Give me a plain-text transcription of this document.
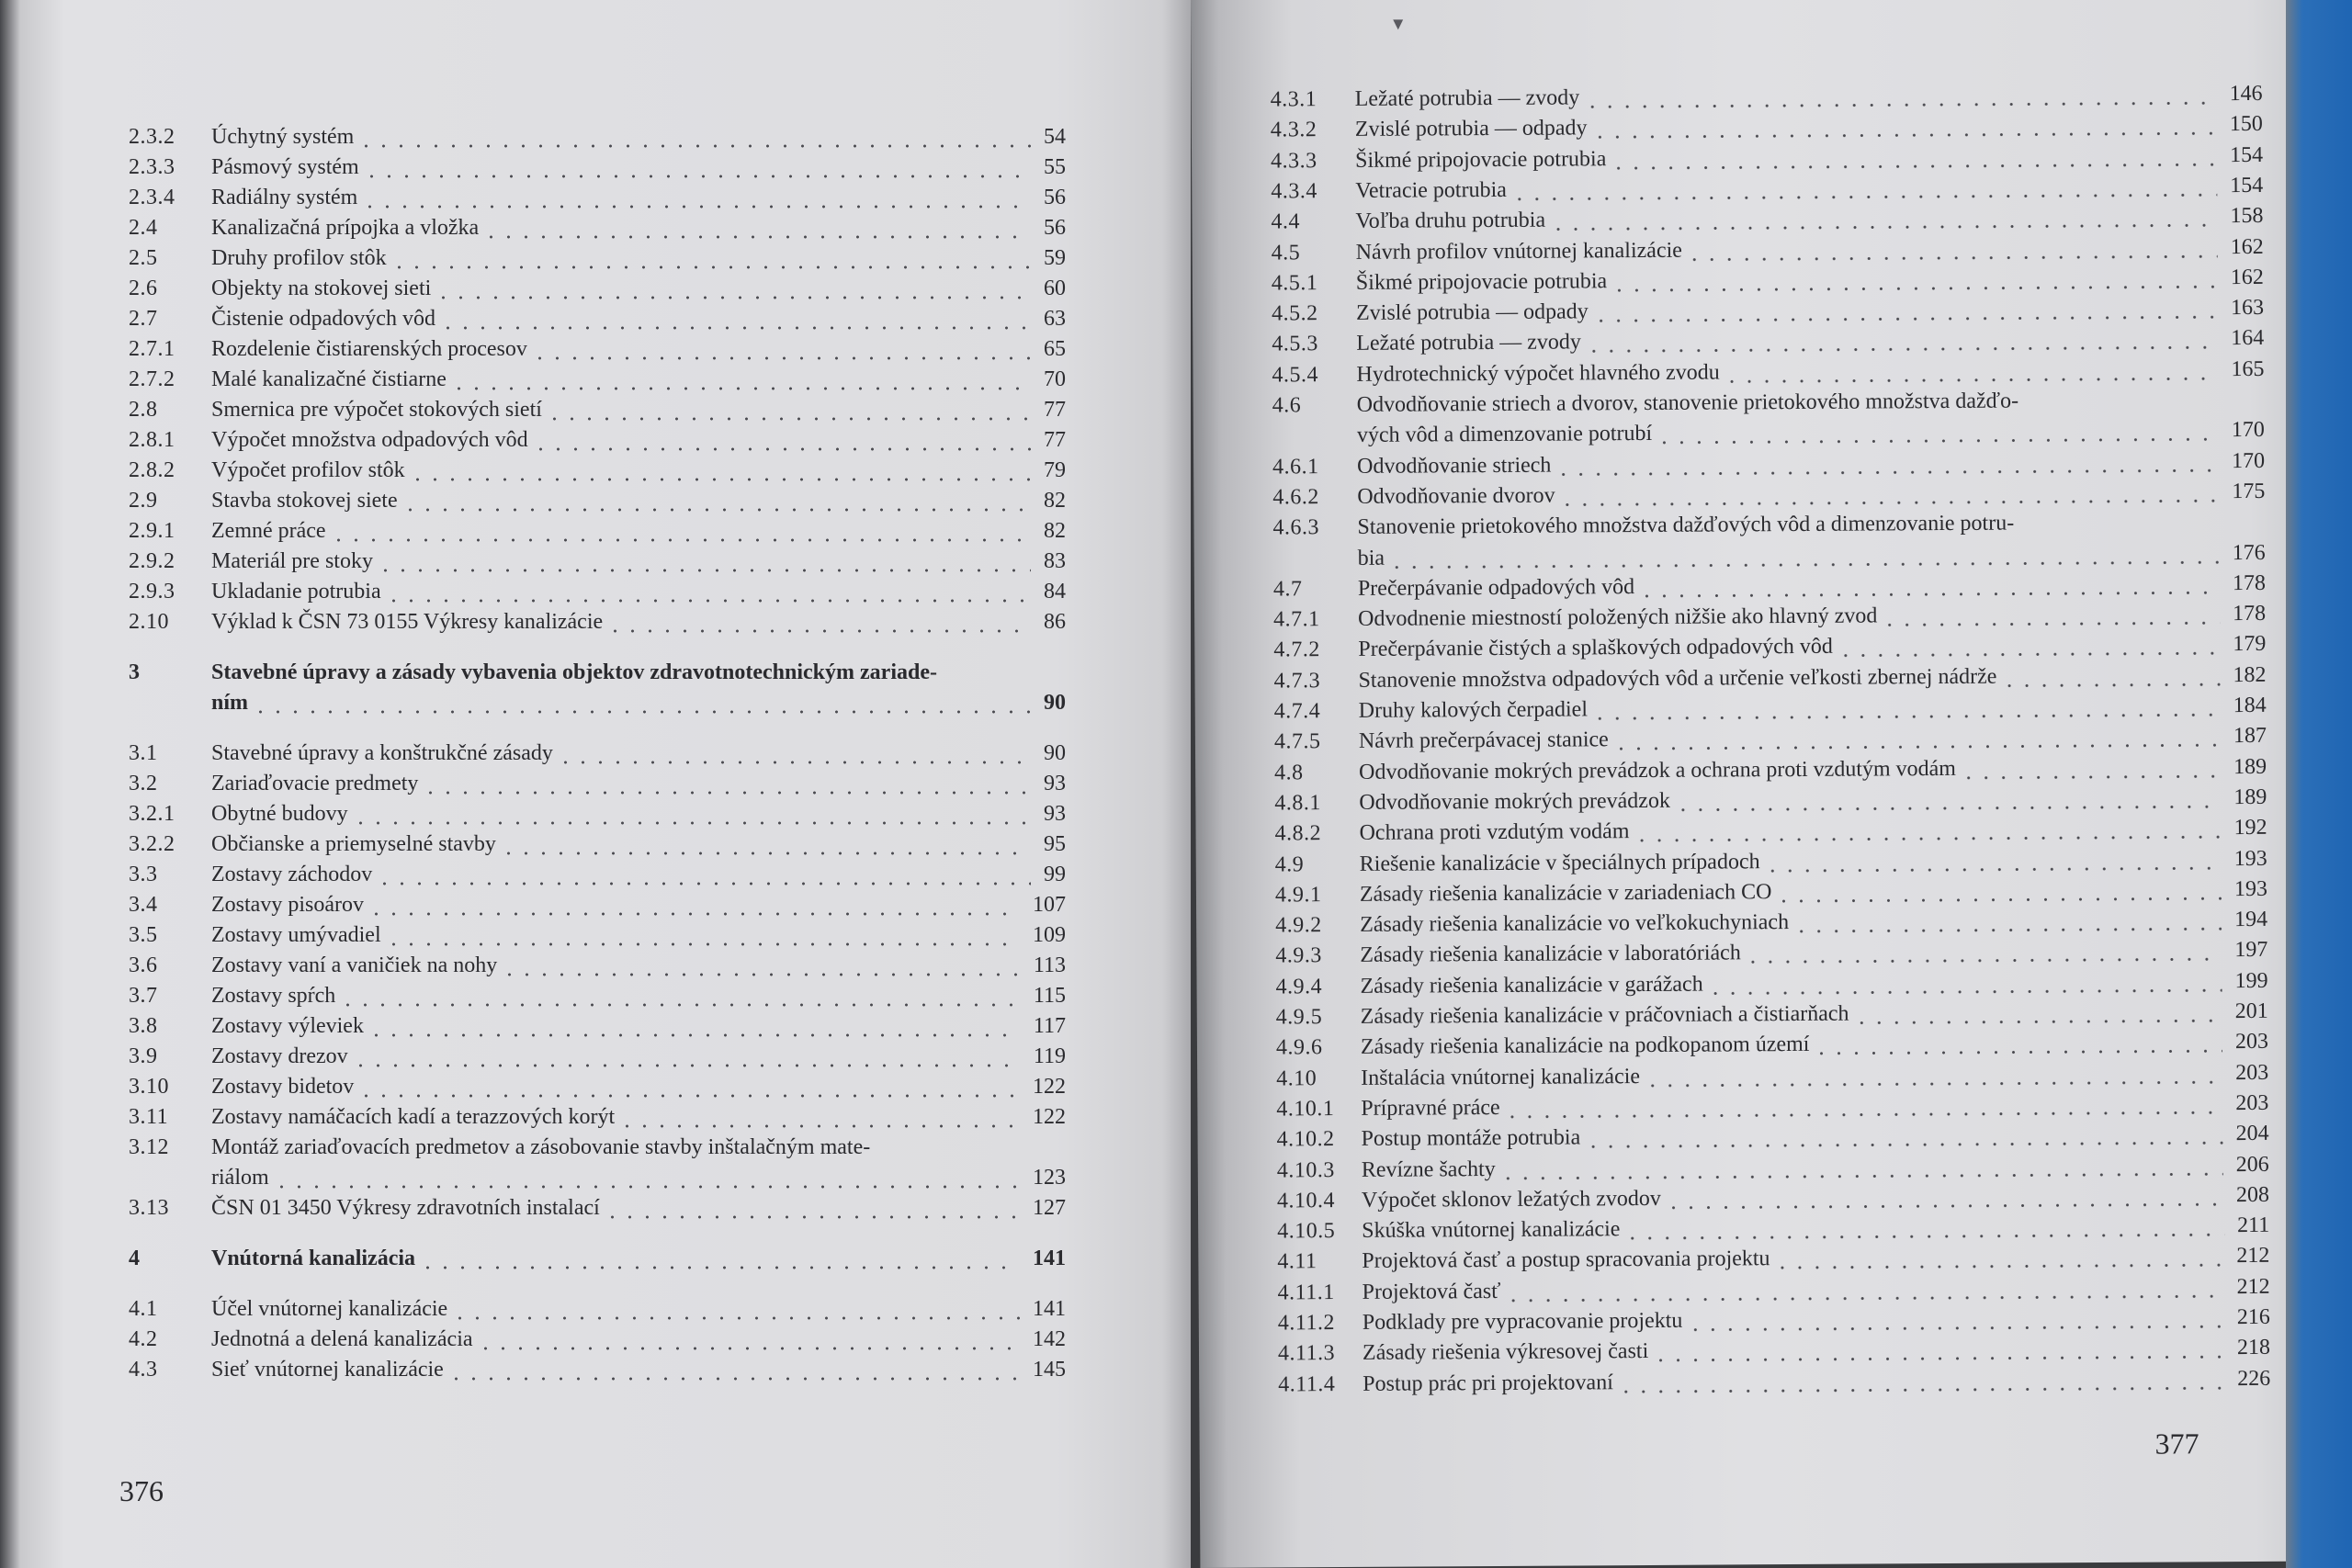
2.3.2	Úchytný systém	54
2.3.3	Pásmový systém	55
2.3.4	Radiálny systém	56
2.4	Kanalizačná prípojka a vložka	56
2.5	Druhy profilov stôk	59
2.6	Objekty na stokovej sieti	60
2.7	Čistenie odpadových vôd	63
2.7.1	Rozdelenie čistiarenských procesov	65
2.7.2	Malé kanalizačné čistiarne	70
2.8	Smernica pre výpočet stokových sietí	77
2.8.1	Výpočet množstva odpadových vôd	77
2.8.2	Výpočet profilov stôk	79
2.9	Stavba stokovej siete	82
2.9.1	Zemné práce	82
2.9.2	Materiál pre stoky	83
2.9.3	Ukladanie potrubia	84
2.10	Výklad k ČSN 73 0155 Výkresy kanalizácie	86
3	Stavebné úpravy a zásady vybavenia objektov zdravotnotechnickým zariade-
ním	90
3.1	Stavebné úpravy a konštrukčné zásady	90
3.2	Zariaďovacie predmety	93
3.2.1	Obytné budovy	93
3.2.2	Občianske a priemyselné stavby	95
3.3	Zostavy záchodov	99
3.4	Zostavy pisoárov	107
3.5	Zostavy umývadiel	109
3.6	Zostavy vaní a vaničiek na nohy	113
3.7	Zostavy spŕch	115
3.8	Zostavy výleviek	117
3.9	Zostavy drezov	119
3.10	Zostavy bidetov	122
3.11	Zostavy namáčacích kadí a terazzových korýt	122
3.12	Montáž zariaďovacích predmetov a zásobovanie stavby inštalačným mate-
riálom	123
3.13	ČSN 01 3450 Výkresy zdravotních instalací	127
4	Vnútorná kanalizácia	141
4.1	Účel vnútornej kanalizácie	141
4.2	Jednotná a delená kanalizácia	142
4.3	Sieť vnútornej kanalizácie	145
376
▾
4.3.1	Ležaté potrubia — zvody	146
4.3.2	Zvislé potrubia — odpady	150
4.3.3	Šikmé pripojovacie potrubia	154
4.3.4	Vetracie potrubia	154
4.4	Voľba druhu potrubia	158
4.5	Návrh profilov vnútornej kanalizácie	162
4.5.1	Šikmé pripojovacie potrubia	162
4.5.2	Zvislé potrubia — odpady	163
4.5.3	Ležaté potrubia — zvody	164
4.5.4	Hydrotechnický výpočet hlavného zvodu	165
4.6	Odvodňovanie striech a dvorov, stanovenie prietokového množstva dažďo-
vých vôd a dimenzovanie potrubí	170
4.6.1	Odvodňovanie striech	170
4.6.2	Odvodňovanie dvorov	175
4.6.3	Stanovenie prietokového množstva dažďových vôd a dimenzovanie potru-
bia	176
4.7	Prečerpávanie odpadových vôd	178
4.7.1	Odvodnenie miestností položených nižšie ako hlavný zvod	178
4.7.2	Prečerpávanie čistých a splaškových odpadových vôd	179
4.7.3	Stanovenie množstva odpadových vôd a určenie veľkosti zbernej nádrže	182
4.7.4	Druhy kalových čerpadiel	184
4.7.5	Návrh prečerpávacej stanice	187
4.8	Odvodňovanie mokrých prevádzok a ochrana proti vzdutým vodám	189
4.8.1	Odvodňovanie mokrých prevádzok	189
4.8.2	Ochrana proti vzdutým vodám	192
4.9	Riešenie kanalizácie v špeciálnych prípadoch	193
4.9.1	Zásady riešenia kanalizácie v zariadeniach CO	193
4.9.2	Zásady riešenia kanalizácie vo veľkokuchyniach	194
4.9.3	Zásady riešenia kanalizácie v laboratóriách	197
4.9.4	Zásady riešenia kanalizácie v garážach	199
4.9.5	Zásady riešenia kanalizácie v práčovniach a čistiarňach	201
4.9.6	Zásady riešenia kanalizácie na podkopanom území	203
4.10	Inštalácia vnútornej kanalizácie	203
4.10.1	Prípravné práce	203
4.10.2	Postup montáže potrubia	204
4.10.3	Revízne šachty	206
4.10.4	Výpočet sklonov ležatých zvodov	208
4.10.5	Skúška vnútornej kanalizácie	211
4.11	Projektová časť a postup spracovania projektu	212
4.11.1	Projektová časť	212
4.11.2	Podklady pre vypracovanie projektu	216
4.11.3	Zásady riešenia výkresovej časti	218
4.11.4	Postup prác pri projektovaní	226
377
